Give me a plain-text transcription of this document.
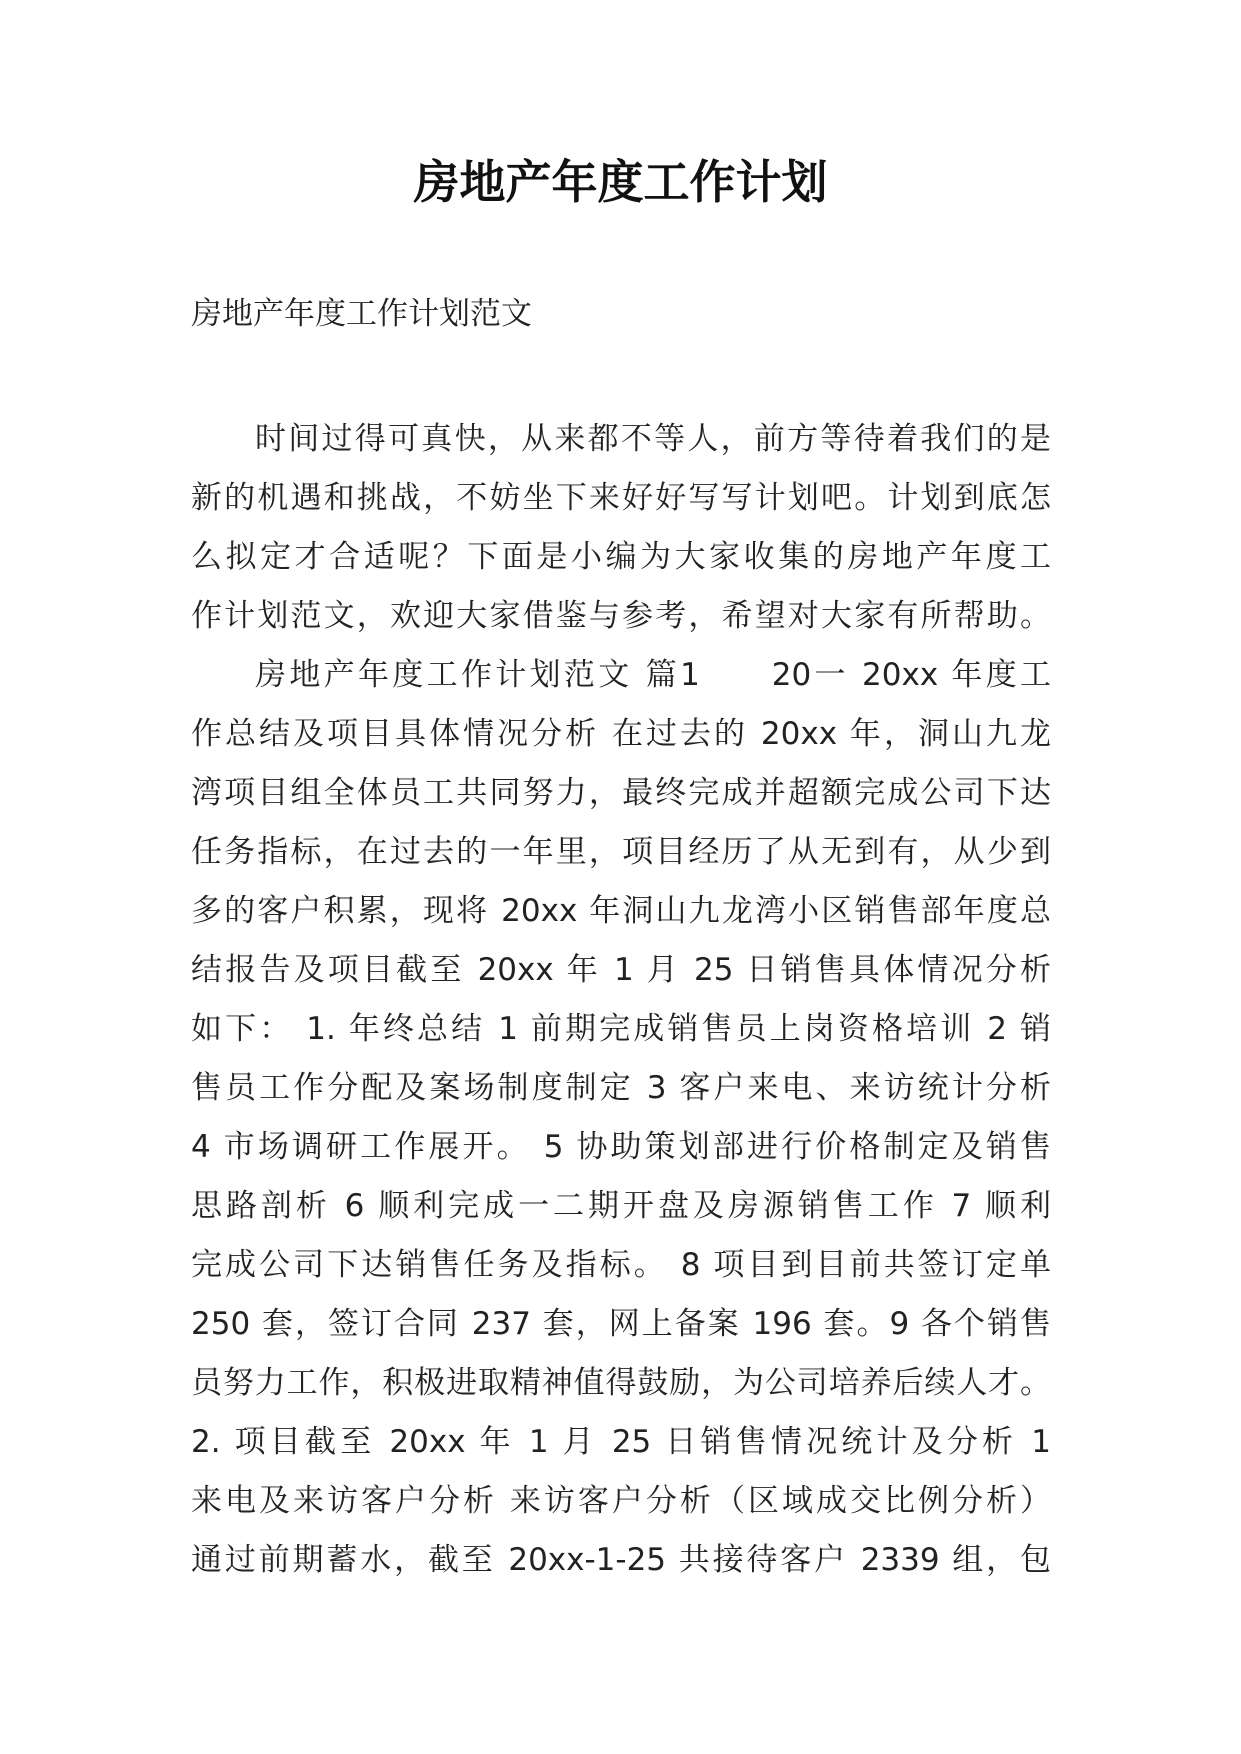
房地产年度工作计划

房地产年度工作计划范文

时间过得可真快，从来都不等人，前方等待着我们的是
新的机遇和挑战，不妨坐下来好好写写计划吧。计划到底怎
么拟定才合适呢？下面是小编为大家收集的房地产年度工
作计划范文，欢迎大家借鉴与参考，希望对大家有所帮助。
房地产年度工作计划范文 篇1　　20一 20xx 年度工
作总结及项目具体情况分析 在过去的 20xx 年，洞山九龙
湾项目组全体员工共同努力，最终完成并超额完成公司下达
任务指标，在过去的一年里，项目经历了从无到有，从少到
多的客户积累，现将 20xx 年洞山九龙湾小区销售部年度总
结报告及项目截至 20xx 年 1 月 25 日销售具体情况分析
如下： 1. 年终总结 1 前期完成销售员上岗资格培训 2 销
售员工作分配及案场制度制定 3 客户来电、来访统计分析
4 市场调研工作展开。 5 协助策划部进行价格制定及销售
思路剖析 6 顺利完成一二期开盘及房源销售工作 7 顺利
完成公司下达销售任务及指标。 8 项目到目前共签订定单
250 套，签订合同 237 套，网上备案 196 套。9 各个销售
员努力工作，积极进取精神值得鼓励，为公司培养后续人才。
2. 项目截至 20xx 年 1 月 25 日销售情况统计及分析 1
来电及来访客户分析 来访客户分析（区域成交比例分析）
通过前期蓄水，截至 20xx-1-25 共接待客户 2339 组，包
